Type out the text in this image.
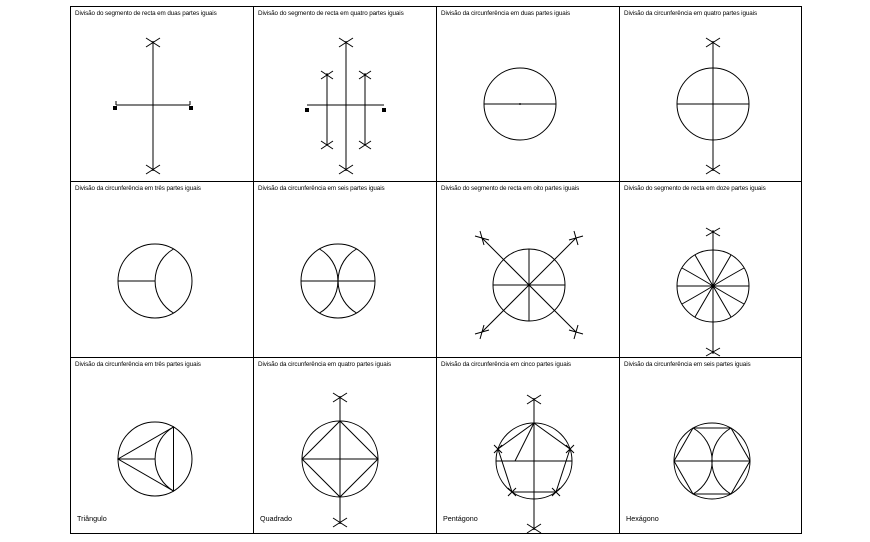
Divisão do segmento de recta em duas partes iguais	Divisão do segmento de recta em quatro partes iguais	Divisão da circunferência em duas partes iguais	Divisão da circunferência em quatro partes iguais
Divisão da circunferência em três partes iguais	Divisão da circunferência em seis partes iguais	Divisão do segmento de recta em oito partes iguais	Divisão do segmento de recta em doze partes iguais
Divisão da circunferência em três partes iguais
Triângulo
Divisão da circunferência em quatro partes iguais
Quadrado
Divisão da circunferência em cinco partes iguais
Pentágono
Divisão da circunferência em seis partes iguais
Hexágono
